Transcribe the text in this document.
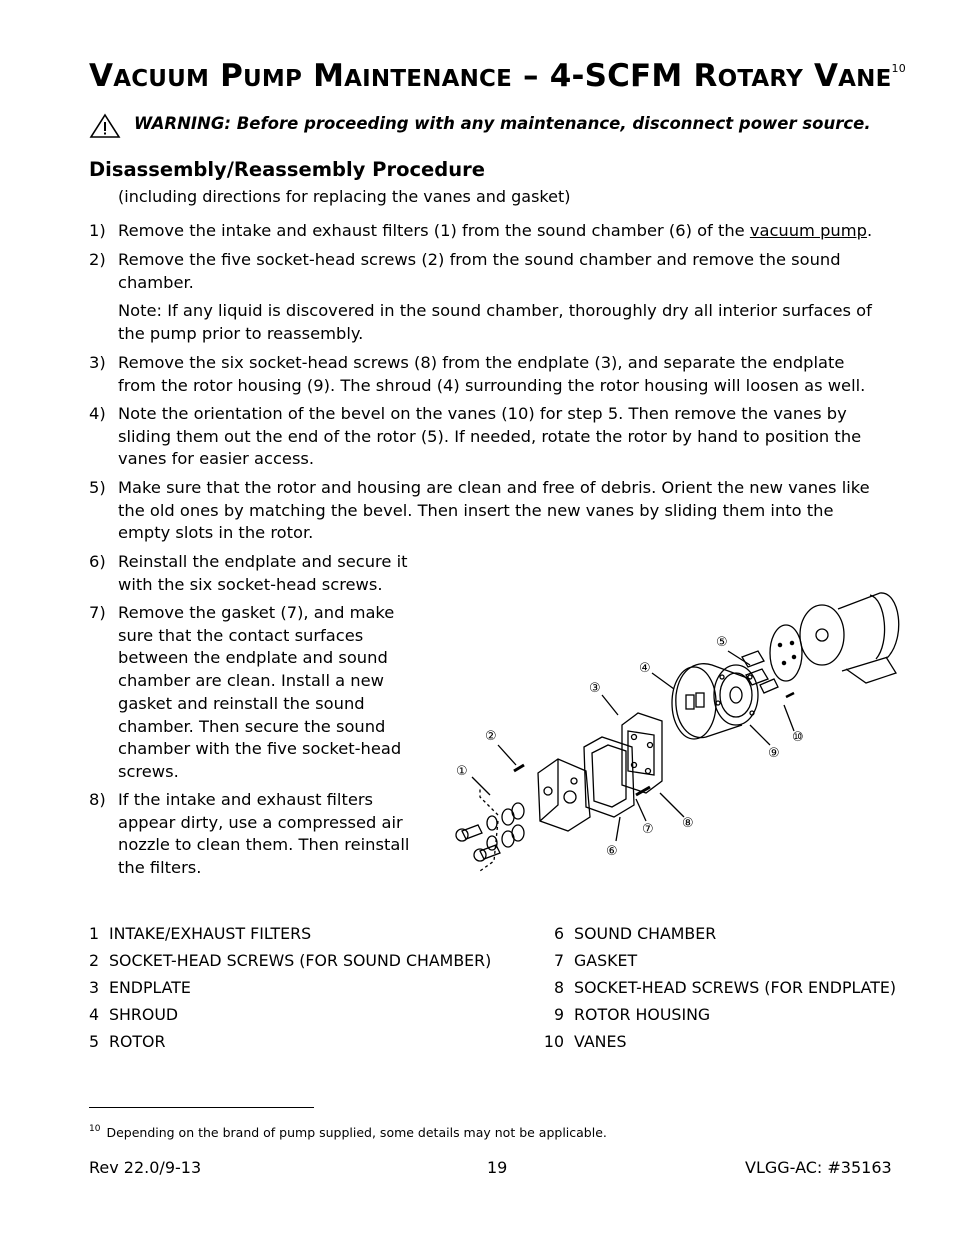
VACUUM PUMP MAINTENANCE – 4-SCFM ROTARY VANE$^{10}$
WARNING: Before proceeding with any maintenance, disconnect power source.
Disassembly/Reassembly Procedure
(including directions for replacing the vanes and gasket)
1) Remove the intake and exhaust filters (1) from the sound chamber (6) of the vacuum pump.
2) Remove the five socket-head screws (2) from the sound chamber and remove the sound
chamber.
Note: If any liquid is discovered in the sound chamber, thoroughly dry all interior surfaces of
the pump prior to reassembly.
3) Remove the six socket-head screws (8) from the endplate (3), and separate the endplate
from the rotor housing (9). The shroud (4) surrounding the rotor housing will loosen as well.
4) Note the orientation of the bevel on the vanes (10) for step 5. Then remove the vanes by
sliding them out the end of the rotor (5). If needed, rotate the rotor by hand to position the
vanes for easier access.
5) Make sure that the rotor and housing are clean and free of debris. Orient the new vanes like
the old ones by matching the bevel. Then insert the new vanes by sliding them into the
empty slots in the rotor.
6) Reinstall the endplate and secure it
with the six socket-head screws.
7) Remove the gasket (7), and make
sure that the contact surfaces
between the endplate and sound
chamber are clean. Install a new
gasket and reinstall the sound
chamber. Then secure the sound
chamber with the five socket-head
screws.
8) If the intake and exhaust filters
appear dirty, use a compressed air
nozzle to clean them. Then reinstall
the filters.
①
②
③
④
⑤
⑥
⑦ ⑧
⑨
⑩
1 INTAKE/EXHAUST FILTERS
2 SOCKET-HEAD SCREWS (FOR SOUND CHAMBER)
3 ENDPLATE
4 SHROUD
5 ROTOR
6 SOUND CHAMBER
7 GASKET
8 SOCKET-HEAD SCREWS (FOR ENDPLATE)
9 ROTOR HOUSING
10 VANES
$^{10}$ Depending on the brand of pump supplied, some details may not be applicable.
Rev 22.0/9-13	19	VLGG-AC: #35163
